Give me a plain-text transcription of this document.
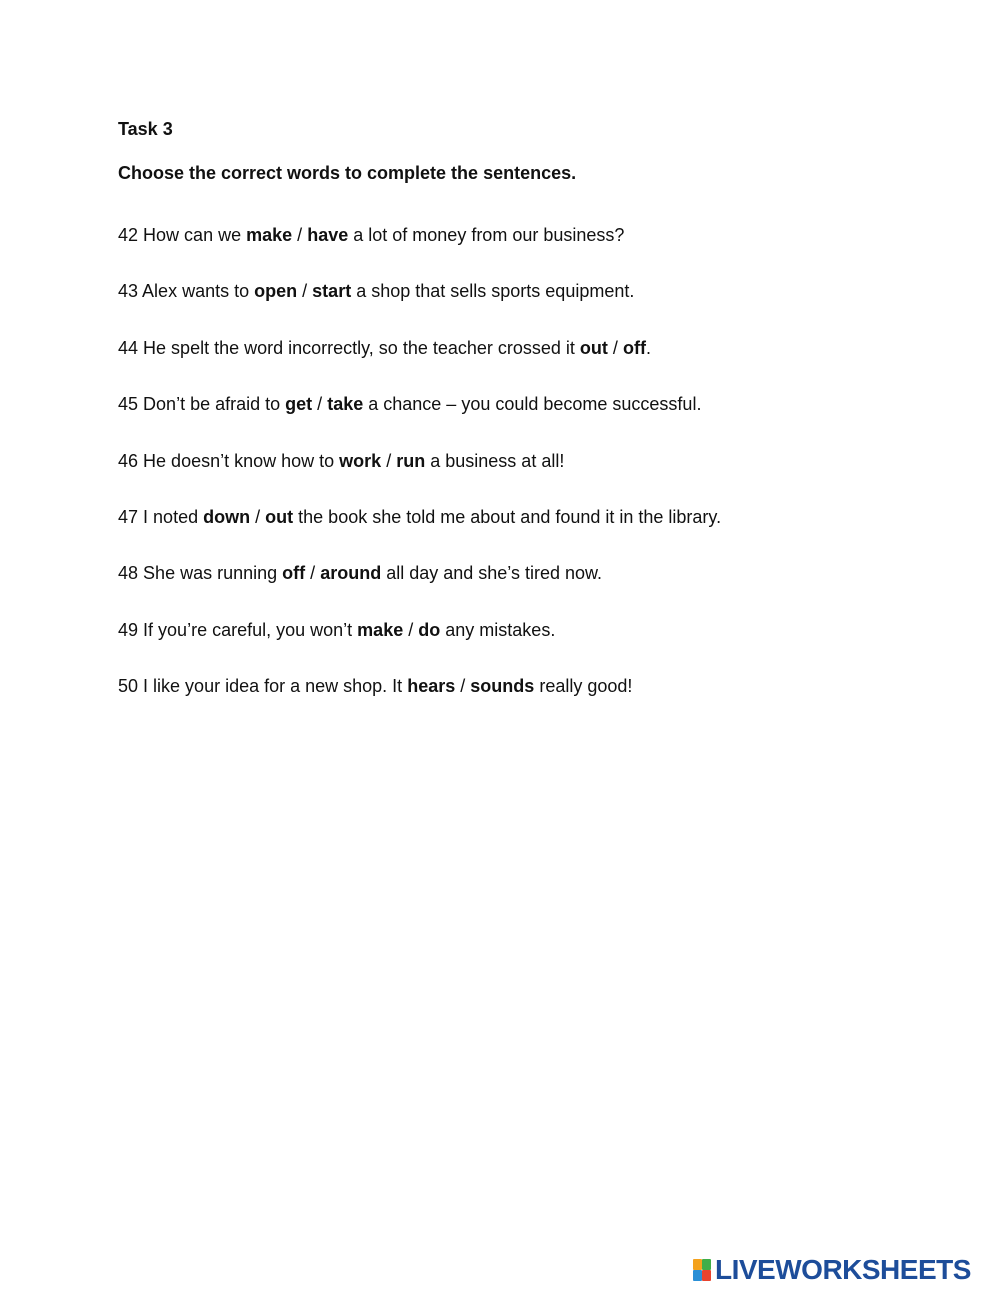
Task 3
Choose the correct words to complete the sentences.
42 How can we make / have a lot of money from our business?
43 Alex wants to open / start a shop that sells sports equipment.
44 He spelt the word incorrectly, so the teacher crossed it out / off.
45 Don’t be afraid to get / take a chance – you could become successful.
46 He doesn’t know how to work / run a business at all!
47 I noted down / out the book she told me about and found it in the library.
48 She was running off / around all day and she’s tired now.
49 If you’re careful, you won’t make / do any mistakes.
50 I like your idea for a new shop. It hears / sounds really good!
LIVEWORKSHEETS
